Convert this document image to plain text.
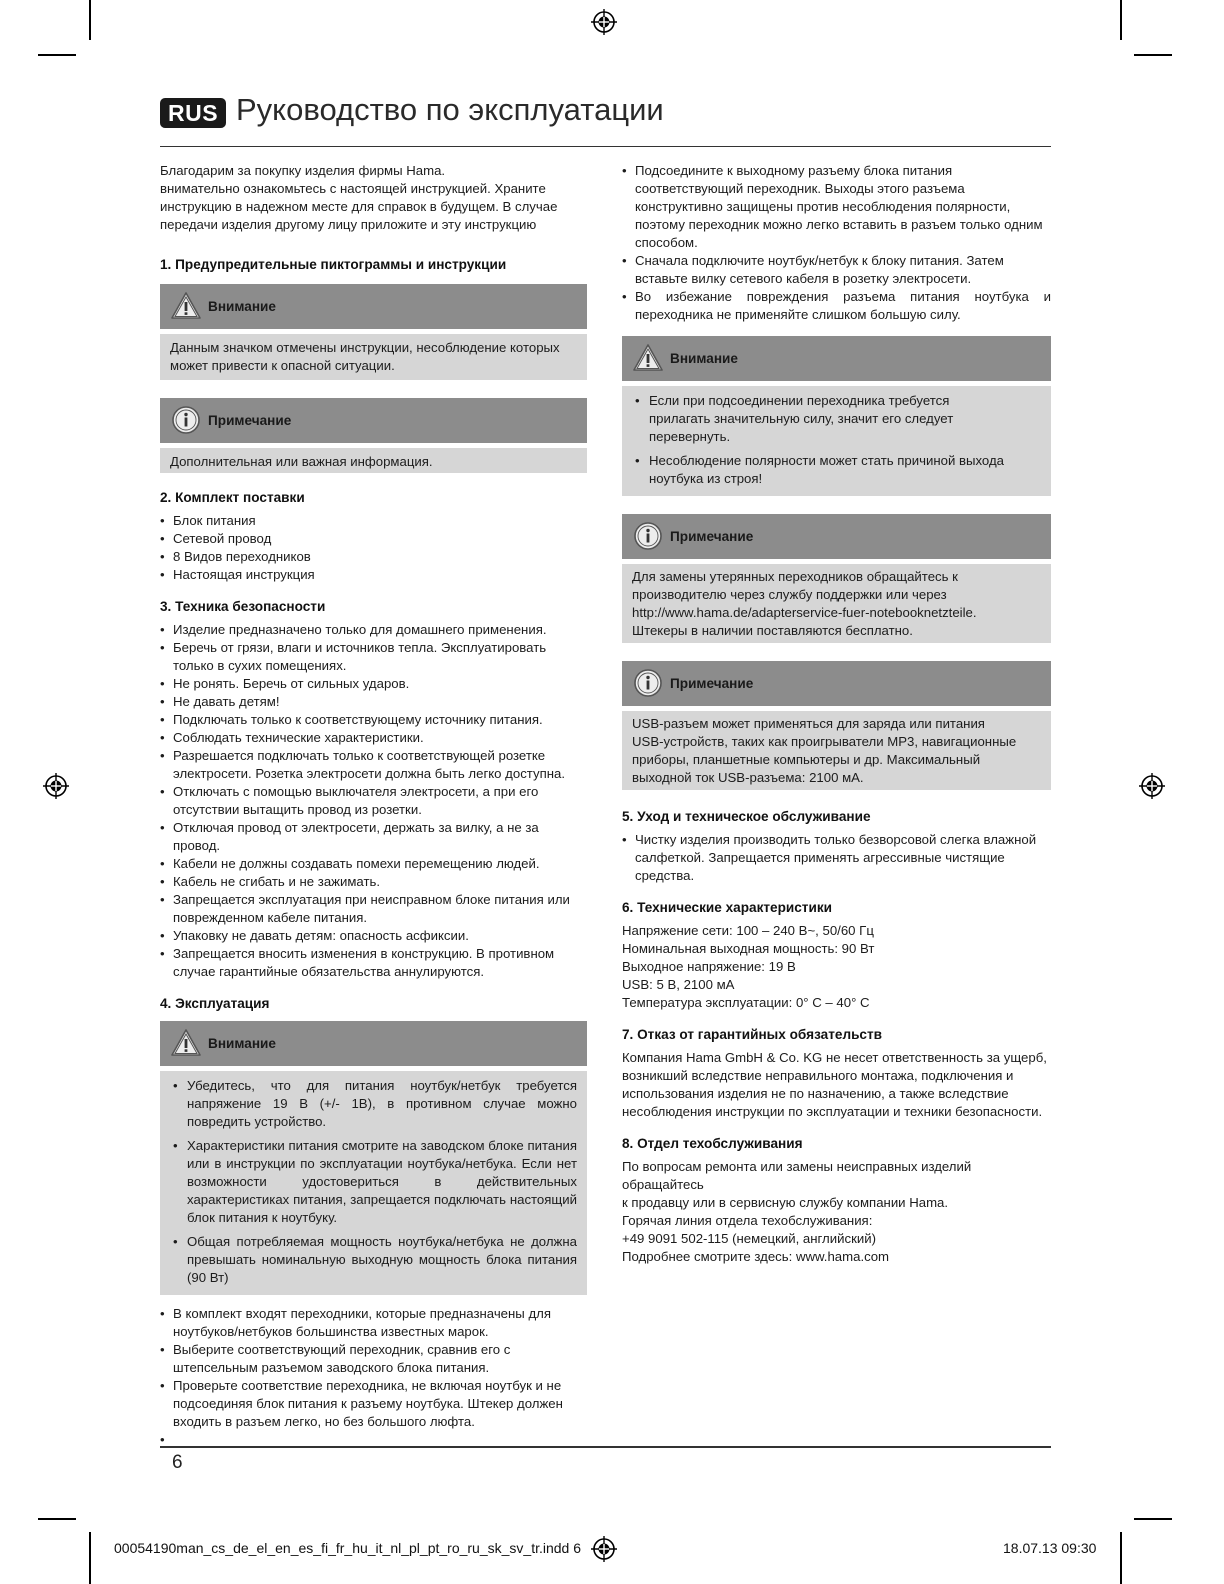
RUS Руководство по эксплуатации

Благодарим за покупку изделия фирмы Hama.

внимательно ознакомьтесь с настоящей инструкцией. Храните

инструкцию в надежном месте для справок в будущем. В случае

передачи изделия другому лицу приложите и эту инструкцию

1. Предупредительные пиктограммы и инструкции
Внимание

Данным значком отмечены инструкции, несоблюдение которых может привести к опасной ситуации.

Примечание

Дополнительная или важная информация.

2. Комплект поставки
• Блок питания
• Сетевой провод
• 8 Видов переходников
• Настоящая инструкция
3. Техника безопасности
• Изделие предназначено только для домашнего применения.
• Беречь от грязи, влаги и источников тепла. Эксплуатировать только в сухих помещениях.
• Не ронять. Беречь от сильных ударов.
• Не давать детям!
• Подключать только к соответствующему источнику питания.
• Соблюдать технические характеристики.
• Разрешается подключать только к соответствующей розетке электросети. Розетка электросети должна быть легко доступна.
• Отключать с помощью выключателя электросети, а при его отсутствии вытащить провод из розетки.
• Отключая провод от электросети, держать за вилку, а не за провод.
• Кабели не должны создавать помехи перемещению людей.
• Кабель не сгибать и не зажимать.
• Запрещается эксплуатация при неисправном блоке питания или поврежденном кабеле питания.
• Упаковку не давать детям: опасность асфиксии.
• Запрещается вносить изменения в конструкцию. В противном случае гарантийные обязательства аннулируются.
4. Эксплуатация
Внимание
• Убедитесь, что для питания ноутбук/нетбук требуется напряжение 19 В (+/- 1В), в противном случае можно повредить устройство.
• Характеристики питания смотрите на заводском блоке питания или в инструкции по эксплуатации ноутбука/нетбука. Если нет возможности удостовериться в действительных характеристиках питания, запрещается подключать настоящий блок питания к ноутбуку.
• Общая потребляемая мощность ноутбука/нетбука не должна превышать номинальную выходную мощность блока питания (90 Вт)
• В комплект входят переходники, которые предназначены для ноутбуков/нетбуков большинства известных марок.
• Выберите соответствующий переходник, сравнив его с штепсельным разъемом заводского блока питания.
• Проверьте соответствие переходника, не включая ноутбук и не подсоединяя блок питания к разъему ноутбука. Штекер должен входить в разъем легко, но без большого люфта.
•
• Подсоедините к выходному разъему блока питания соответствующий переходник. Выходы этого разъема конструктивно защищены против несоблюдения полярности, поэтому переходник можно легко вставить в разъем только одним способом.
• Сначала подключите ноутбук/нетбук к блоку питания. Затем вставьте вилку сетевого кабеля в розетку электросети.
• Во избежание повреждения разъема питания ноутбука и переходника не применяйте слишком большую силу.
Внимание
• Если при подсоединении переходника требуется прилагать значительную силу, значит его следует перевернуть.
• Несоблюдение полярности может стать причиной выхода ноутбука из строя!
Примечание

Для замены утерянных переходников обращайтесь к

производителю через службу поддержки или через

http://www.hama.de/adapterservice-fuer-notebooknetzteile.

Штекеры в наличии поставляются бесплатно.

Примечание

USB-разъем может применяться для заряда или питания

USB-устройств, таких как проигрыватели MP3, навигационные

приборы, планшетные компьютеры и др. Максимальный

выходной ток USB-разъема: 2100 мА.

5. Уход и техническое обслуживание
• Чистку изделия производить только безворсовой слегка влажной салфеткой. Запрещается применять агрессивные чистящие средства.
6. Технические характеристики

Напряжение сети: 100 – 240 В~, 50/60 Гц

Номинальная выходная мощность: 90 Вт

Выходное напряжение: 19 В

USB: 5 В, 2100 мА

Температура эксплуатации: 0° С – 40° С

7. Отказ от гарантийных обязательств

Компания Hama GmbH & Co. KG не несет ответственность за ущерб,

возникший вследствие неправильного монтажа, подключения и

использования изделия не по назначению, а также вследствие

несоблюдения инструкции по эксплуатации и техники безопасности.

8. Отдел техобслуживания

По вопросам ремонта или замены неисправных изделий обращайтесь

к продавцу или в сервисную службу компании Hama.

Горячая линия отдела техобслуживания:

+49 9091 502-115 (немецкий, английский)

Подробнее смотрите здесь: www.hama.com

6
00054190man_cs_de_el_en_es_fi_fr_hu_it_nl_pl_pt_ro_ru_sk_sv_tr.indd 6	18.07.13 09:30
